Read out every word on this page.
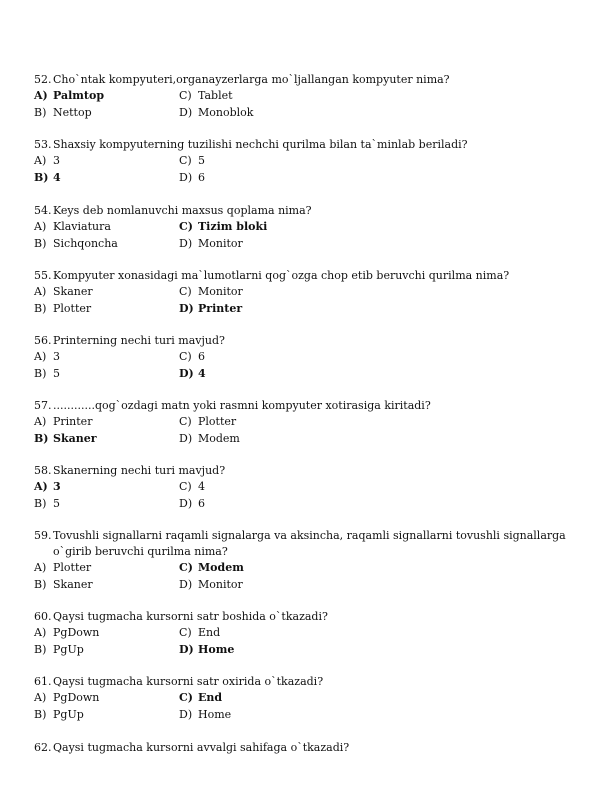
52. Cho`ntak kompyuteri,organayzerlarga mo`ljallangan kompyuter nima?
A) Palmtop	C) Tablet
B) Nettop	D) Monoblok
53. Shaxsiy kompyuterning tuzilishi nechchi qurilma bilan ta`minlab beriladi?
A) 3	C) 5
B) 4	D) 6
54. Keys deb nomlanuvchi maxsus qoplama nima?
A) Klaviatura	C) Tizim bloki
B) Sichqoncha	D) Monitor
55. Kompyuter xonasidagi ma`lumotlarni qog`ozga chop etib beruvchi qurilma nima?
A) Skaner	C) Monitor
B) Plotter	D) Printer
56. Printerning nechi turi mavjud?
A) 3	C) 6
B) 5	D) 4
57. ............qog`ozdagi matn yoki rasmni kompyuter xotirasiga kiritadi?
A) Printer	C) Plotter
B) Skaner	D) Modem
58. Skanerning nechi turi mavjud?
A) 3	C) 4
B) 5	D) 6
59. Tovushli signallarni raqamli signalarga va aksincha, raqamli signallarni tovushli signallarga o`girib beruvchi qurilma nima?
A) Plotter	C) Modem
B) Skaner	D) Monitor
60. Qaysi tugmacha kursorni satr boshida o`tkazadi?
A) PgDown	C) End
B) PgUp	D) Home
61. Qaysi tugmacha kursorni satr oxirida o`tkazadi?
A) PgDown	C) End
B) PgUp	D) Home
62. Qaysi tugmacha kursorni avvalgi sahifaga o`tkazadi?
